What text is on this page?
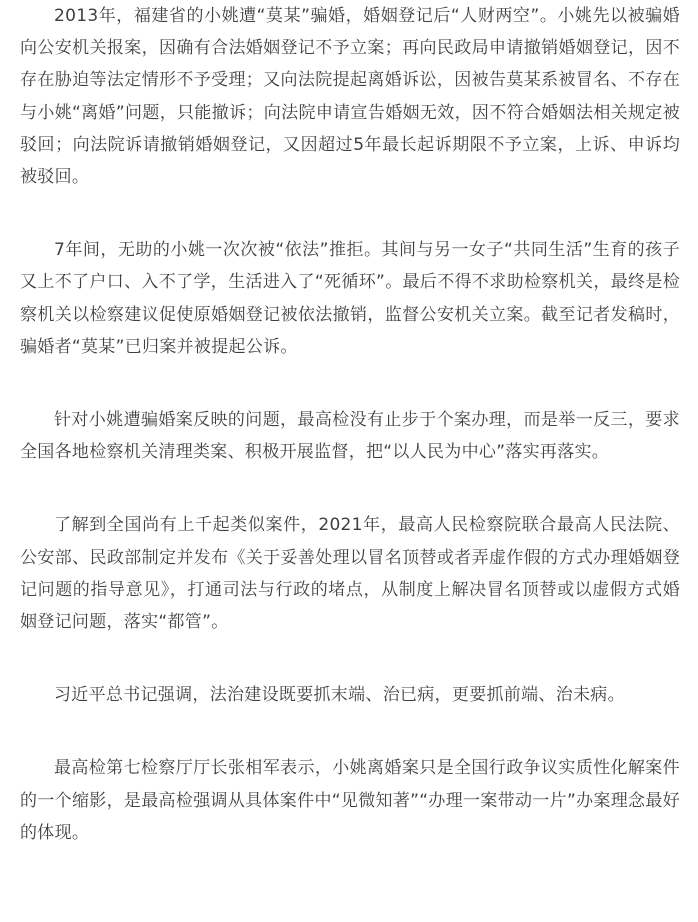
2013年，福建省的小姚遭“莫某”骗婚，婚姻登记后“人财两空”。小姚先以被骗婚向公安机关报案，因确有合法婚姻登记不予立案；再向民政局申请撤销婚姻登记，因不存在胁迫等法定情形不予受理；又向法院提起离婚诉讼，因被告莫某系被冒名、不存在与小姚“离婚”问题，只能撤诉；向法院申请宣告婚姻无效，因不符合婚姻法相关规定被驳回；向法院诉请撤销婚姻登记，又因超过5年最长起诉期限不予立案，上诉、申诉均被驳回。

7年间，无助的小姚一次次被“依法”推拒。其间与另一女子“共同生活”生育的孩子又上不了户口、入不了学，生活进入了“死循环”。最后不得不求助检察机关，最终是检察机关以检察建议促使原婚姻登记被依法撤销，监督公安机关立案。截至记者发稿时，骗婚者“莫某”已归案并被提起公诉。

针对小姚遭骗婚案反映的问题，最高检没有止步于个案办理，而是举一反三，要求全国各地检察机关清理类案、积极开展监督，把“以人民为中心”落实再落实。

了解到全国尚有上千起类似案件，2021年，最高人民检察院联合最高人民法院、公安部、民政部制定并发布《关于妥善处理以冒名顶替或者弄虚作假的方式办理婚姻登记问题的指导意见》，打通司法与行政的堵点，从制度上解决冒名顶替或以虚假方式婚姻登记问题，落实“都管”。

习近平总书记强调，法治建设既要抓末端、治已病，更要抓前端、治未病。

最高检第七检察厅厅长张相军表示，小姚离婚案只是全国行政争议实质性化解案件的一个缩影，是最高检强调从具体案件中“见微知著”“办理一案带动一片”办案理念最好的体现。
